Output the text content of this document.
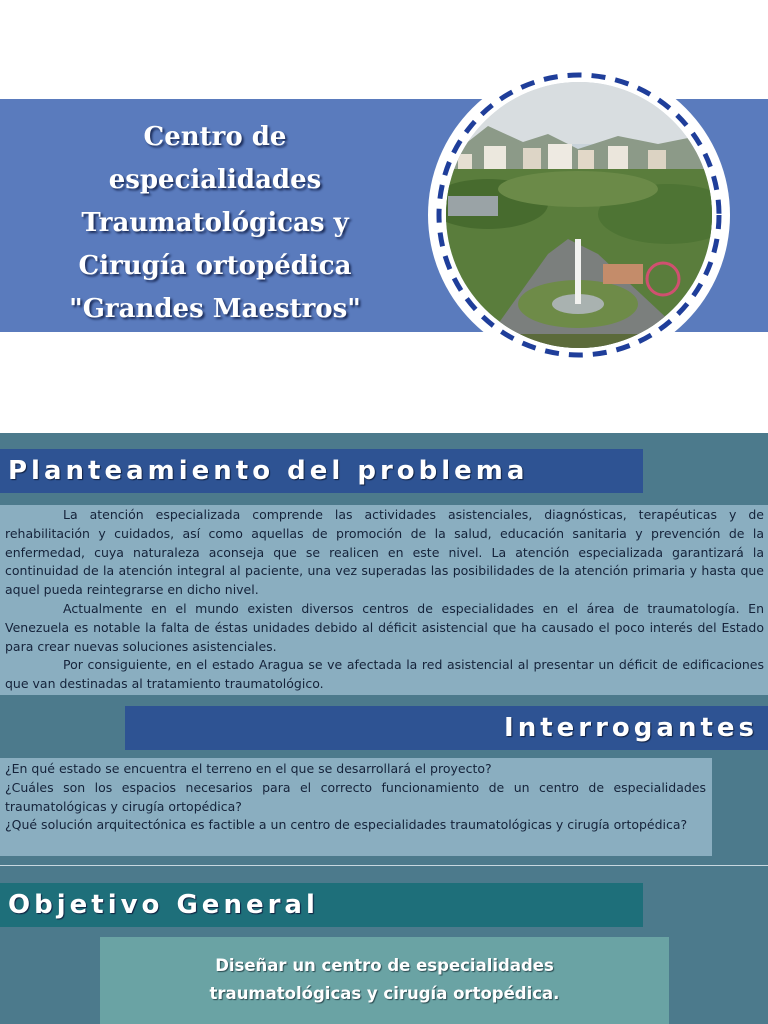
Centro de
especialidades
Traumatológicas y
Cirugía ortopédica
"Grandes Maestros"
Planteamiento del problema

La atención especializada comprende las actividades asistenciales, diagnósticas, terapéuticas y de rehabilitación y cuidados, así como aquellas de promoción de la salud, educación sanitaria y prevención de la enfermedad, cuya naturaleza aconseja que se realicen en este nivel. La atención especializada garantizará la continuidad de la atención integral al paciente, una vez superadas las posibilidades de la atención primaria y hasta que aquel pueda reintegrarse en dicho nivel.

Actualmente en el mundo existen diversos centros de especialidades en el área de traumatología. En Venezuela es notable la falta de éstas unidades debido al déficit asistencial que ha causado el poco interés del Estado para crear nuevas soluciones asistenciales.

Por consiguiente, en el estado Aragua se ve afectada la red asistencial al presentar un déficit de edificaciones que van destinadas al tratamiento traumatológico.

Interrogantes

¿En qué estado se encuentra el terreno en el que se desarrollará el proyecto?

¿Cuáles son los espacios necesarios para el correcto funcionamiento de un centro de especialidades traumatológicas y cirugía ortopédica?

¿Qué solución arquitectónica es factible a un centro de especialidades traumatológicas y cirugía ortopédica?

Objetivo General
Diseñar un centro de especialidades
traumatológicas y cirugía ortopédica.
